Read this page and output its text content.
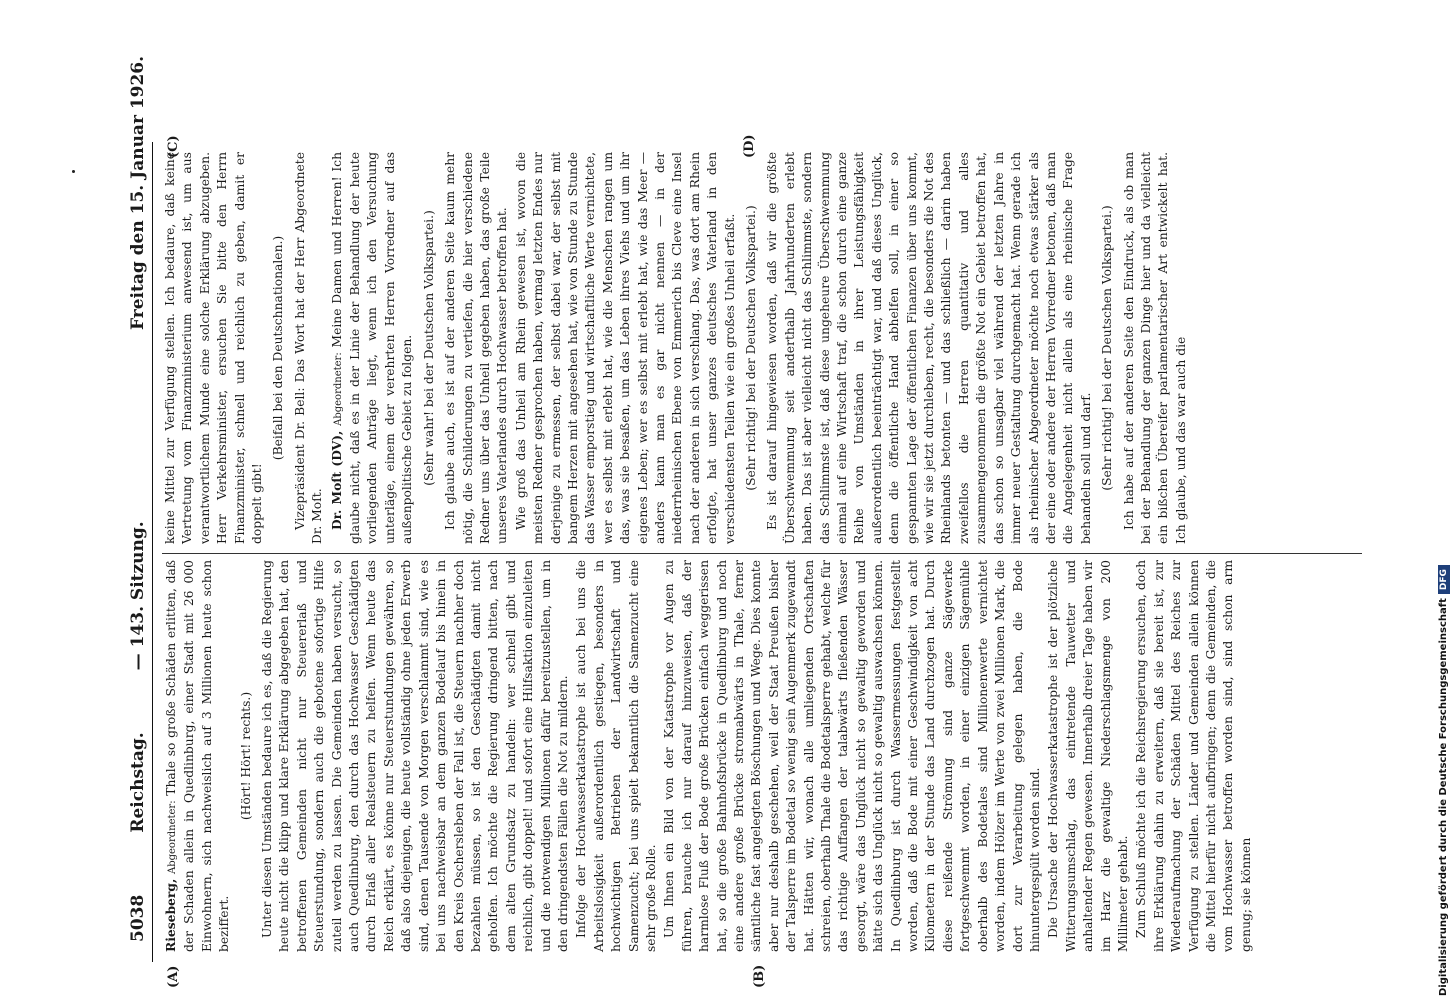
5038
Reichstag.
— 143. Sitzung.
Freitag den 15. Januar 1926.
(A)	(B)
(C)	(D)

Rieseberg, Abgeordneter: Thale so große Schäden erlitten, daß der Schaden allein in Quedlinburg, einer Stadt mit 26 000 Einwohnern, sich nachweislich auf 3 Millionen heute schon beziffert.

(Hört! Hört! rechts.) Unter diesen Umständen bedaure ich es, daß die Regierung heute nicht die klipp und klare Erklärung abgegeben hat, den betroffenen Gemeinden nicht nur Steuererlaß und Steuerstundung, sondern auch die gebotene sofortige Hilfe zuteil werden zu lassen. Die Gemeinden haben versucht, so auch Quedlinburg, den durch das Hochwasser Geschädigten durch Erlaß aller Realsteuern zu helfen. Wenn heute das Reich erklärt, es könne nur Steuerstundungen gewähren, so daß also diejenigen, die heute vollständig ohne jeden Erwerb sind, denen Tausende von Morgen verschlammt sind, wie es bei uns nachweisbar an dem ganzen Bodelauf bis hinein in den Kreis Oschersleben der Fall ist, die Steuern nachher doch bezahlen müssen, so ist den Geschädigten damit nicht geholfen. Ich möchte die Regierung dringend bitten, nach dem alten Grundsatz zu handeln: wer schnell gibt und reichlich, gibt doppelt! und sofort eine Hilfsaktion einzuleiten und die notwendigen Millionen dafür bereitzustellen, um in den dringendsten Fällen die Not zu mildern. Infolge der Hochwasserkatastrophe ist auch bei uns die Arbeitslosigkeit außerordentlich gestiegen, besonders in hochwichtigen Betrieben der Landwirtschaft und Samenzucht; bei uns spielt bekanntlich die Samenzucht eine sehr große Rolle. Um Ihnen ein Bild von der Katastrophe vor Augen zu führen, brauche ich nur darauf hinzuweisen, daß der harmlose Fluß der Bode große Brücken einfach weggerissen hat, so die große Bahnhofsbrücke in Quedlinburg und noch eine andere große Brücke stromabwärts in Thale, ferner sämtliche fast angelegten Böschungen und Wege. Dies konnte aber nur deshalb geschehen, weil der Staat Preußen bisher der Talsperre im Bodetal so wenig sein Augenmerk zugewandt hat. Hätten wir, wonach alle umliegenden Ortschaften schreien, oberhalb Thale die Bodetalsperre gehabt, welche für das richtige Auffangen der talabwärts fließenden Wässer gesorgt, wäre das Unglück nicht so gewaltig geworden und hätte sich das Unglück nicht so gewaltig auswachsen können. In Quedlinburg ist durch Wassermessungen festgestellt worden, daß die Bode mit einer Geschwindigkeit von acht Kilometern in der Stunde das Land durchzogen hat. Durch diese reißende Strömung sind ganze Sägewerke fortgeschwemmt worden, in einer einzigen Sägemühle oberhalb des Bodetales sind Millionenwerte vernichtet worden, indem Hölzer im Werte von zwei Millionen Mark, die dort zur Verarbeitung gelegen haben, die Bode hinuntergespült worden sind. Die Ursache der Hochwasserkatastrophe ist der plötzliche Witterungsumschlag, das eintretende Tauwetter und anhaltender Regen gewesen. Innerhalb dreier Tage haben wir im Harz die gewaltige Niederschlagsmenge von 200 Millimeter gehabt. Zum Schluß möchte ich die Reichsregierung ersuchen, doch ihre Erklärung dahin zu erweitern, daß sie bereit ist, zur Wiederaufmachung der Schäden Mittel des Reiches zur Verfügung zu stellen. Länder und Gemeinden allein können die Mittel hierfür nicht aufbringen; denn die Gemeinden, die vom Hochwasser betroffen worden sind, sind schon arm genug; sie können

keine Mittel zur Verfügung stellen. Ich bedaure, daß keine Vertretung vom Finanzministerium anwesend ist, um aus verantwortlichem Munde eine solche Erklärung abzugeben. Herr Verkehrsminister, ersuchen Sie bitte den Herrn Finanzminister, schnell und reichlich zu geben, damit er doppelt gibt!

(Beifall bei den Deutschnationalen.) Vizepräsident Dr. Bell: Das Wort hat der Herr Abgeordnete Dr. Moſt. Dr. Moſt (DV), Abgeordneter: Meine Damen und Herren! Ich glaube nicht, daß es in der Linie der Behandlung der heute vorliegenden Anträge liegt, wenn ich den Versuchung unterläge, einem der verehrten Herren Vorredner auf das außenpolitische Gebiet zu folgen. (Sehr wahr! bei der Deutschen Volkspartei.) Ich glaube auch, es ist auf der anderen Seite kaum mehr nötig, die Schilderungen zu vertiefen, die hier verschiedene Redner uns über das Unheil gegeben haben, das große Teile unseres Vaterlandes durch Hochwasser betroffen hat. Wie groß das Unheil am Rhein gewesen ist, wovon die meisten Redner gesprochen haben, vermag letzten Endes nur derjenige zu ermessen, der selbst dabei war, der selbst mit bangem Herzen mit angesehen hat, wie von Stunde zu Stunde das Wasser emporstieg und wirtschaftliche Werte vernichtete, wer es selbst mit erlebt hat, wie die Menschen rangen um das, was sie besaßen, um das Leben ihres Viehs und um ihr eigenes Leben; wer es selbst mit erlebt hat, wie das Meer — anders kann man es gar nicht nennen — in der niederrheinischen Ebene von Emmerich bis Cleve eine Insel nach der anderen in sich verschlang. Das, was dort am Rhein erfolgte, hat unser ganzes deutsches Vaterland in den verschiedensten Teilen wie ein großes Unheil erfaßt. (Sehr richtig! bei der Deutschen Volkspartei.) Es ist darauf hingewiesen worden, daß wir die größte Überschwemmung seit anderthalb Jahrhunderten erlebt haben. Das ist aber vielleicht nicht das Schlimmste, sondern das Schlimmste ist, daß diese ungeheure Überschwemmung einmal auf eine Wirtschaft traf, die schon durch eine ganze Reihe von Umständen in ihrer Leistungsfähigkeit außerordentlich beeinträchtigt war, und daß dieses Unglück, denn die öffentliche Hand abhelfen soll, in einer so gespannten Lage der öffentlichen Finanzen über uns kommt, wie wir sie jetzt durchleben, recht, die besonders die Not des Rheinlands betonten — und das schließlich — darin haben zweifellos die Herren quantitativ und alles zusammengenommen die größte Not ein Gebiet betroffen hat, das schon so unsagbar viel während der letzten Jahre in immer neuer Gestaltung durchgemacht hat. Wenn gerade ich als rheinischer Abgeordneter möchte noch etwas stärker als der eine oder andere der Herren Vorredner betonen, daß man die Angelegenheit nicht allein als eine rheinische Frage behandeln soll und darf. (Sehr richtig! bei der Deutschen Volkspartei.) Ich habe auf der anderen Seite den Eindruck, als ob man bei der Behandlung der ganzen Dinge hier und da vielleicht ein bißchen Übereifer parlamentarischer Art entwickelt hat. Ich glaube, und das war auch die

Digitalisierung gefördert durch die Deutsche ForschungsgemeinschaftDFG
